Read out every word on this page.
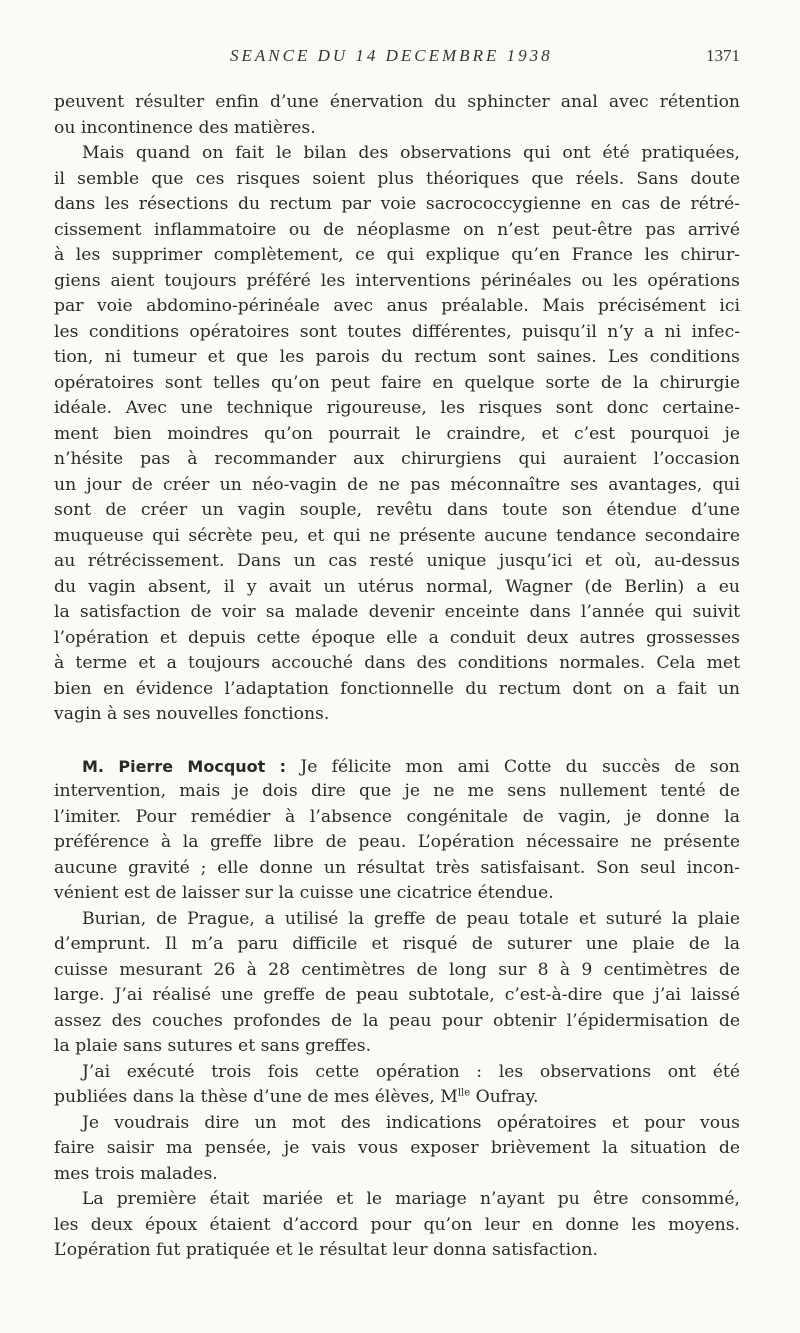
SEANCE DU 14 DECEMBRE 1938	1371
peuvent résulter enfin d’une énervation du sphincter anal avec rétention
ou incontinence des matières.
Mais quand on fait le bilan des observations qui ont été pratiquées,
il semble que ces risques soient plus théoriques que réels. Sans doute
dans les résections du rectum par voie sacrococcygienne en cas de rétré-
cissement inflammatoire ou de néoplasme on n’est peut-être pas arrivé
à les supprimer complètement, ce qui explique qu’en France les chirur-
giens aient toujours préféré les interventions périnéales ou les opérations
par voie abdomino-périnéale avec anus préalable. Mais précisément ici
les conditions opératoires sont toutes différentes, puisqu’il n’y a ni infec-
tion, ni tumeur et que les parois du rectum sont saines. Les conditions
opératoires sont telles qu’on peut faire en quelque sorte de la chirurgie
idéale. Avec une technique rigoureuse, les risques sont donc certaine-
ment bien moindres qu’on pourrait le craindre, et c’est pourquoi je
n’hésite pas à recommander aux chirurgiens qui auraient l’occasion
un jour de créer un néo-vagin de ne pas méconnaître ses avantages, qui
sont de créer un vagin souple, revêtu dans toute son étendue d’une
muqueuse qui sécrète peu, et qui ne présente aucune tendance secondaire
au rétrécissement. Dans un cas resté unique jusqu’ici et où, au-dessus
du vagin absent, il y avait un utérus normal, Wagner (de Berlin) a eu
la satisfaction de voir sa malade devenir enceinte dans l’année qui suivit
l’opération et depuis cette époque elle a conduit deux autres grossesses
à terme et a toujours accouché dans des conditions normales. Cela met
bien en évidence l’adaptation fonctionnelle du rectum dont on a fait un
vagin à ses nouvelles fonctions.
M. Pierre Mocquot : Je félicite mon ami Cotte du succès de son
intervention, mais je dois dire que je ne me sens nullement tenté de
l’imiter. Pour remédier à l’absence congénitale de vagin, je donne la
préférence à la greffe libre de peau. L’opération nécessaire ne présente
aucune gravité ; elle donne un résultat très satisfaisant. Son seul incon-
vénient est de laisser sur la cuisse une cicatrice étendue.
Burian, de Prague, a utilisé la greffe de peau totale et suturé la plaie
d’emprunt. Il m’a paru difficile et risqué de suturer une plaie de la
cuisse mesurant 26 à 28 centimètres de long sur 8 à 9 centimètres de
large. J’ai réalisé une greffe de peau subtotale, c’est-à-dire que j’ai laissé
assez des couches profondes de la peau pour obtenir l’épidermisation de
la plaie sans sutures et sans greffes.
J’ai exécuté trois fois cette opération : les observations ont été
publiées dans la thèse d’une de mes élèves, $M^{lle}$ Oufray.
Je voudrais dire un mot des indications opératoires et pour vous
faire saisir ma pensée, je vais vous exposer brièvement la situation de
mes trois malades.
La première était mariée et le mariage n’ayant pu être consommé,
les deux époux étaient d’accord pour qu’on leur en donne les moyens.
L’opération fut pratiquée et le résultat leur donna satisfaction.
